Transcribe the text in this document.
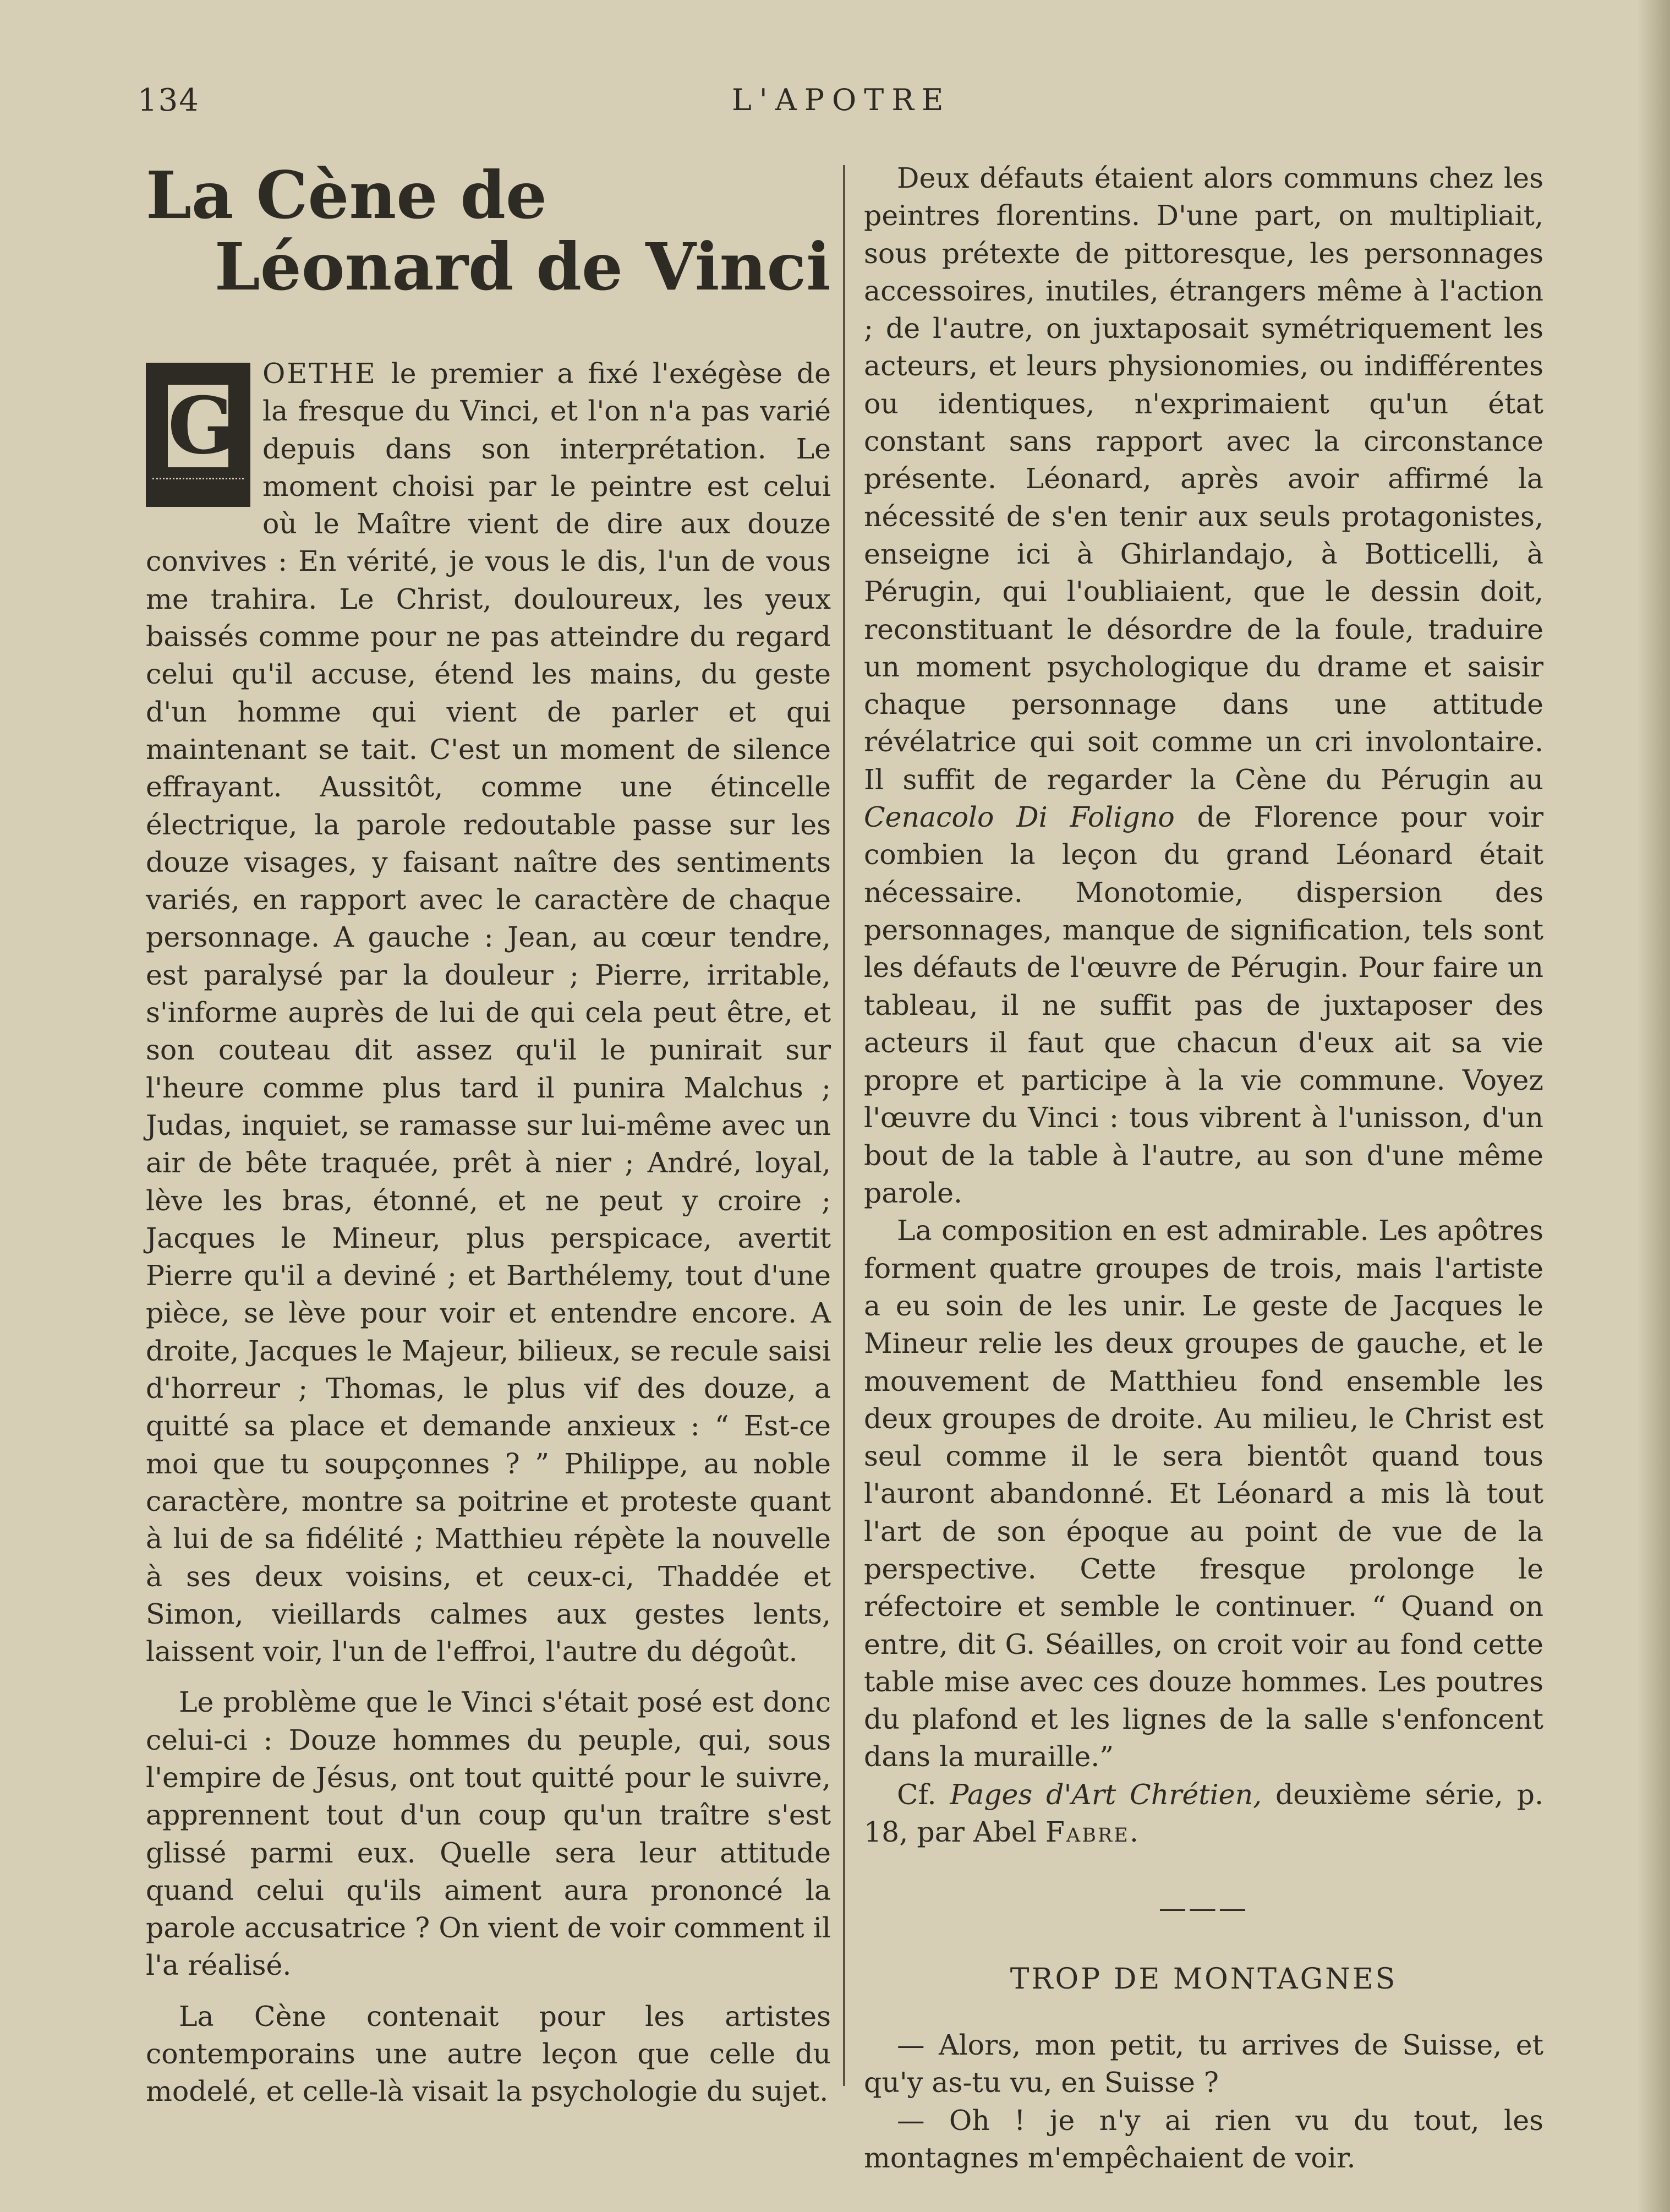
134	L'APOTRE
La Cène de
Léonard de Vinci

G
OETHE le premier a fixé l'exégèse de la fresque du Vinci, et l'on n'a pas varié depuis dans son interprétation. Le moment choisi par le peintre est celui où le Maître vient de dire aux douze convives : En vérité, je vous le dis, l'un de vous me trahira. Le Christ, douloureux, les yeux baissés comme pour ne pas atteindre du regard celui qu'il accuse, étend les mains, du geste d'un homme qui vient de parler et qui maintenant se tait. C'est un moment de silence effrayant. Aussitôt, comme une étincelle électrique, la parole redoutable passe sur les douze visages, y faisant naître des sentiments variés, en rapport avec le caractère de chaque personnage. A gauche : Jean, au cœur tendre, est paralysé par la douleur ; Pierre, irritable, s'informe auprès de lui de qui cela peut être, et son couteau dit assez qu'il le punirait sur l'heure comme plus tard il punira Malchus ; Judas, inquiet, se ramasse sur lui-même avec un air de bête traquée, prêt à nier ; André, loyal, lève les bras, étonné, et ne peut y croire ; Jacques le Mineur, plus perspicace, avertit Pierre qu'il a deviné ; et Barthélemy, tout d'une pièce, se lève pour voir et entendre encore. A droite, Jacques le Majeur, bilieux, se recule saisi d'horreur ; Thomas, le plus vif des douze, a quitté sa place et demande anxieux : “ Est-ce moi que tu soupçonnes ? ” Philippe, au noble caractère, montre sa poitrine et proteste quant à lui de sa fidélité ; Matthieu répète la nouvelle à ses deux voisins, et ceux-ci, Thaddée et Simon, vieillards calmes aux gestes lents, laissent voir, l'un de l'effroi, l'autre du dégoût.

Le problème que le Vinci s'était posé est donc celui-ci : Douze hommes du peuple, qui, sous l'empire de Jésus, ont tout quitté pour le suivre, apprennent tout d'un coup qu'un traître s'est glissé parmi eux. Quelle sera leur attitude quand celui qu'ils aiment aura prononcé la parole accusatrice ? On vient de voir comment il l'a réalisé.

La Cène contenait pour les artistes contemporains une autre leçon que celle du modelé, et celle-là visait la psychologie du sujet.

Deux défauts étaient alors communs chez les peintres florentins. D'une part, on multipliait, sous prétexte de pittoresque, les personnages accessoires, inutiles, étrangers même à l'action ; de l'autre, on juxtaposait symétriquement les acteurs, et leurs physionomies, ou indifférentes ou identiques, n'exprimaient qu'un état constant sans rapport avec la circonstance présente. Léonard, après avoir affirmé la nécessité de s'en tenir aux seuls protagonistes, enseigne ici à Ghirlandajo, à Botticelli, à Pérugin, qui l'oubliaient, que le dessin doit, reconstituant le désordre de la foule, traduire un moment psychologique du drame et saisir chaque personnage dans une attitude révélatrice qui soit comme un cri involontaire. Il suffit de regarder la Cène du Pérugin au Cenacolo Di Foligno de Florence pour voir combien la leçon du grand Léonard était nécessaire. Monotomie, dispersion des personnages, manque de signification, tels sont les défauts de l'œuvre de Pérugin. Pour faire un tableau, il ne suffit pas de juxtaposer des acteurs il faut que chacun d'eux ait sa vie propre et participe à la vie commune. Voyez l'œuvre du Vinci : tous vibrent à l'unisson, d'un bout de la table à l'autre, au son d'une même parole.

La composition en est admirable. Les apôtres forment quatre groupes de trois, mais l'artiste a eu soin de les unir. Le geste de Jacques le Mineur relie les deux groupes de gauche, et le mouvement de Matthieu fond ensemble les deux groupes de droite. Au milieu, le Christ est seul comme il le sera bientôt quand tous l'auront abandonné. Et Léonard a mis là tout l'art de son époque au point de vue de la perspective. Cette fresque prolonge le réfectoire et semble le continuer. “ Quand on entre, dit G. Séailles, on croit voir au fond cette table mise avec ces douze hommes. Les poutres du plafond et les lignes de la salle s'enfoncent dans la muraille.”

Cf. Pages d'Art Chrétien, deuxième série, p. 18, par Abel Fabre.

———

TROP DE MONTAGNES

— Alors, mon petit, tu arrives de Suisse, et qu'y as-tu vu, en Suisse ?

— Oh ! je n'y ai rien vu du tout, les montagnes m'empêchaient de voir.
